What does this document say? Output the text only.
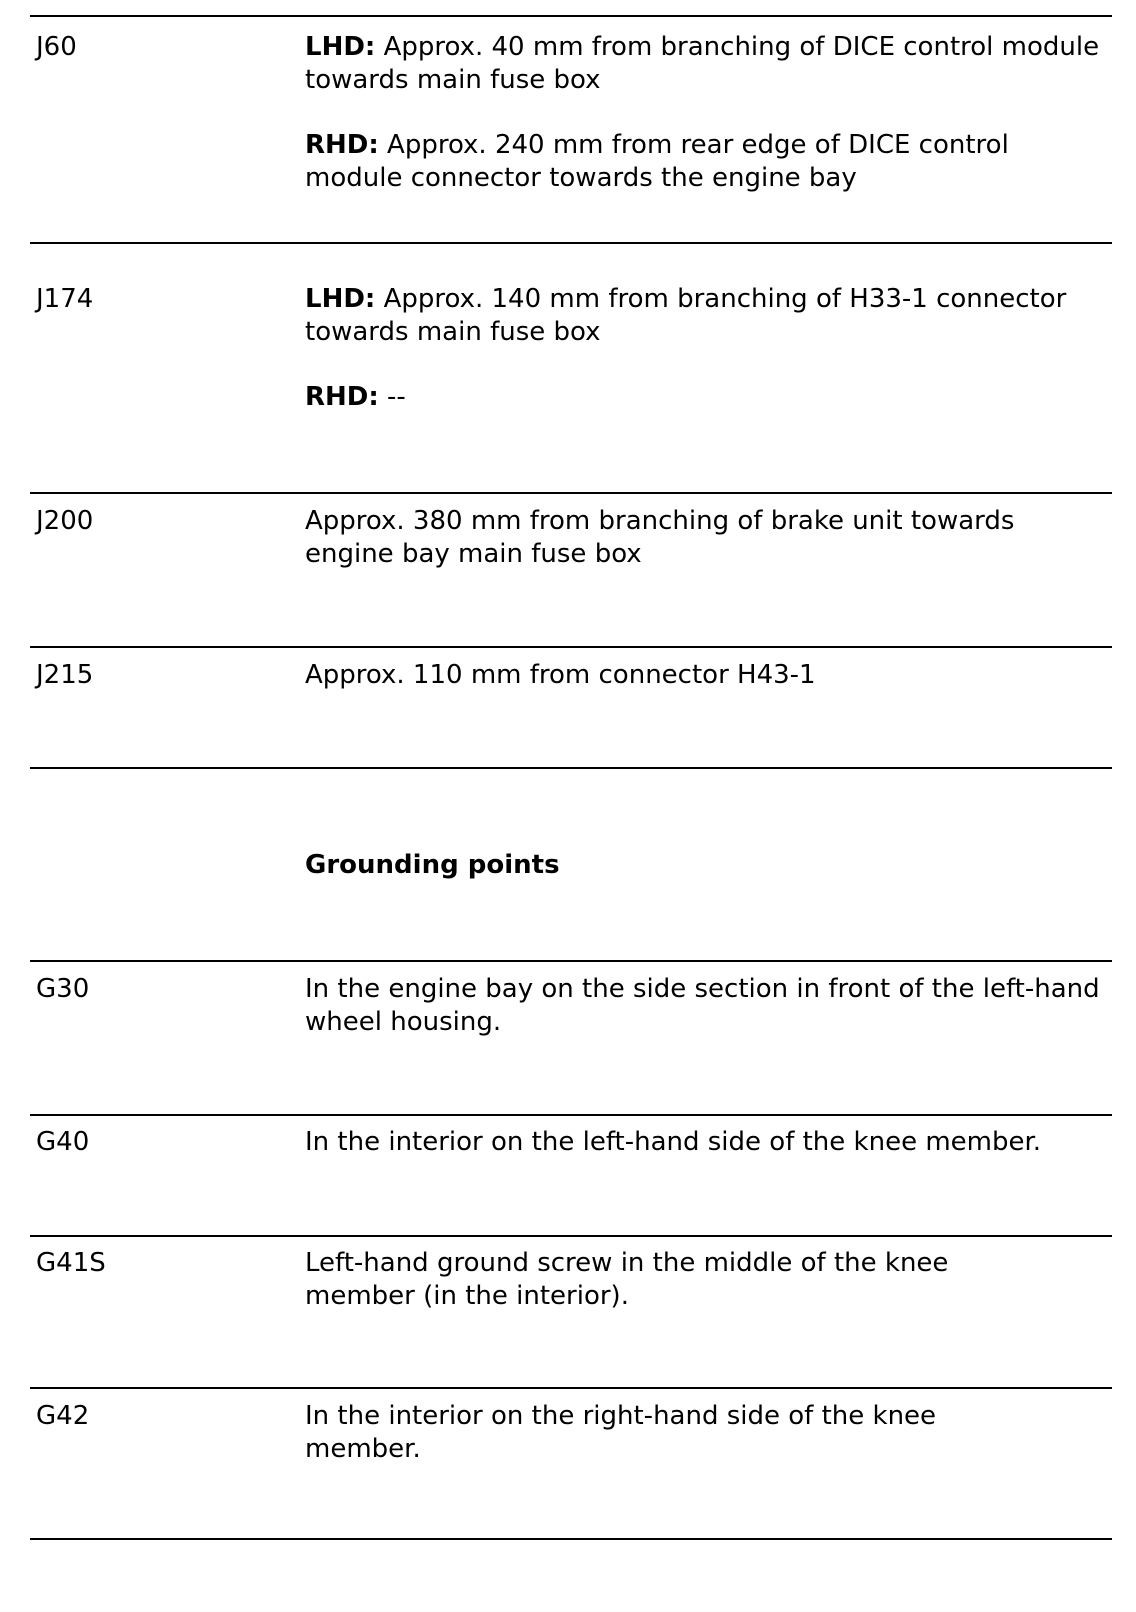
J60	LHD: Approx. 40 mm from branching of DICE control module towards main fuse box

RHD: Approx. 240 mm from rear edge of DICE control module connector towards the engine bay

J174	LHD: Approx. 140 mm from branching of H33-1 connector towards main fuse box

RHD: --

J200	Approx. 380 mm from branching of brake unit towards engine bay main fuse box
J215	Approx. 110 mm from connector H43-1
Grounding points
G30	In the engine bay on the side section in front of the left-hand wheel housing.
G40	In the interior on the left-hand side of the knee member.
G41S	Left-hand ground screw in the middle of the knee member (in the interior).
G42	In the interior on the right-hand side of the knee member.
